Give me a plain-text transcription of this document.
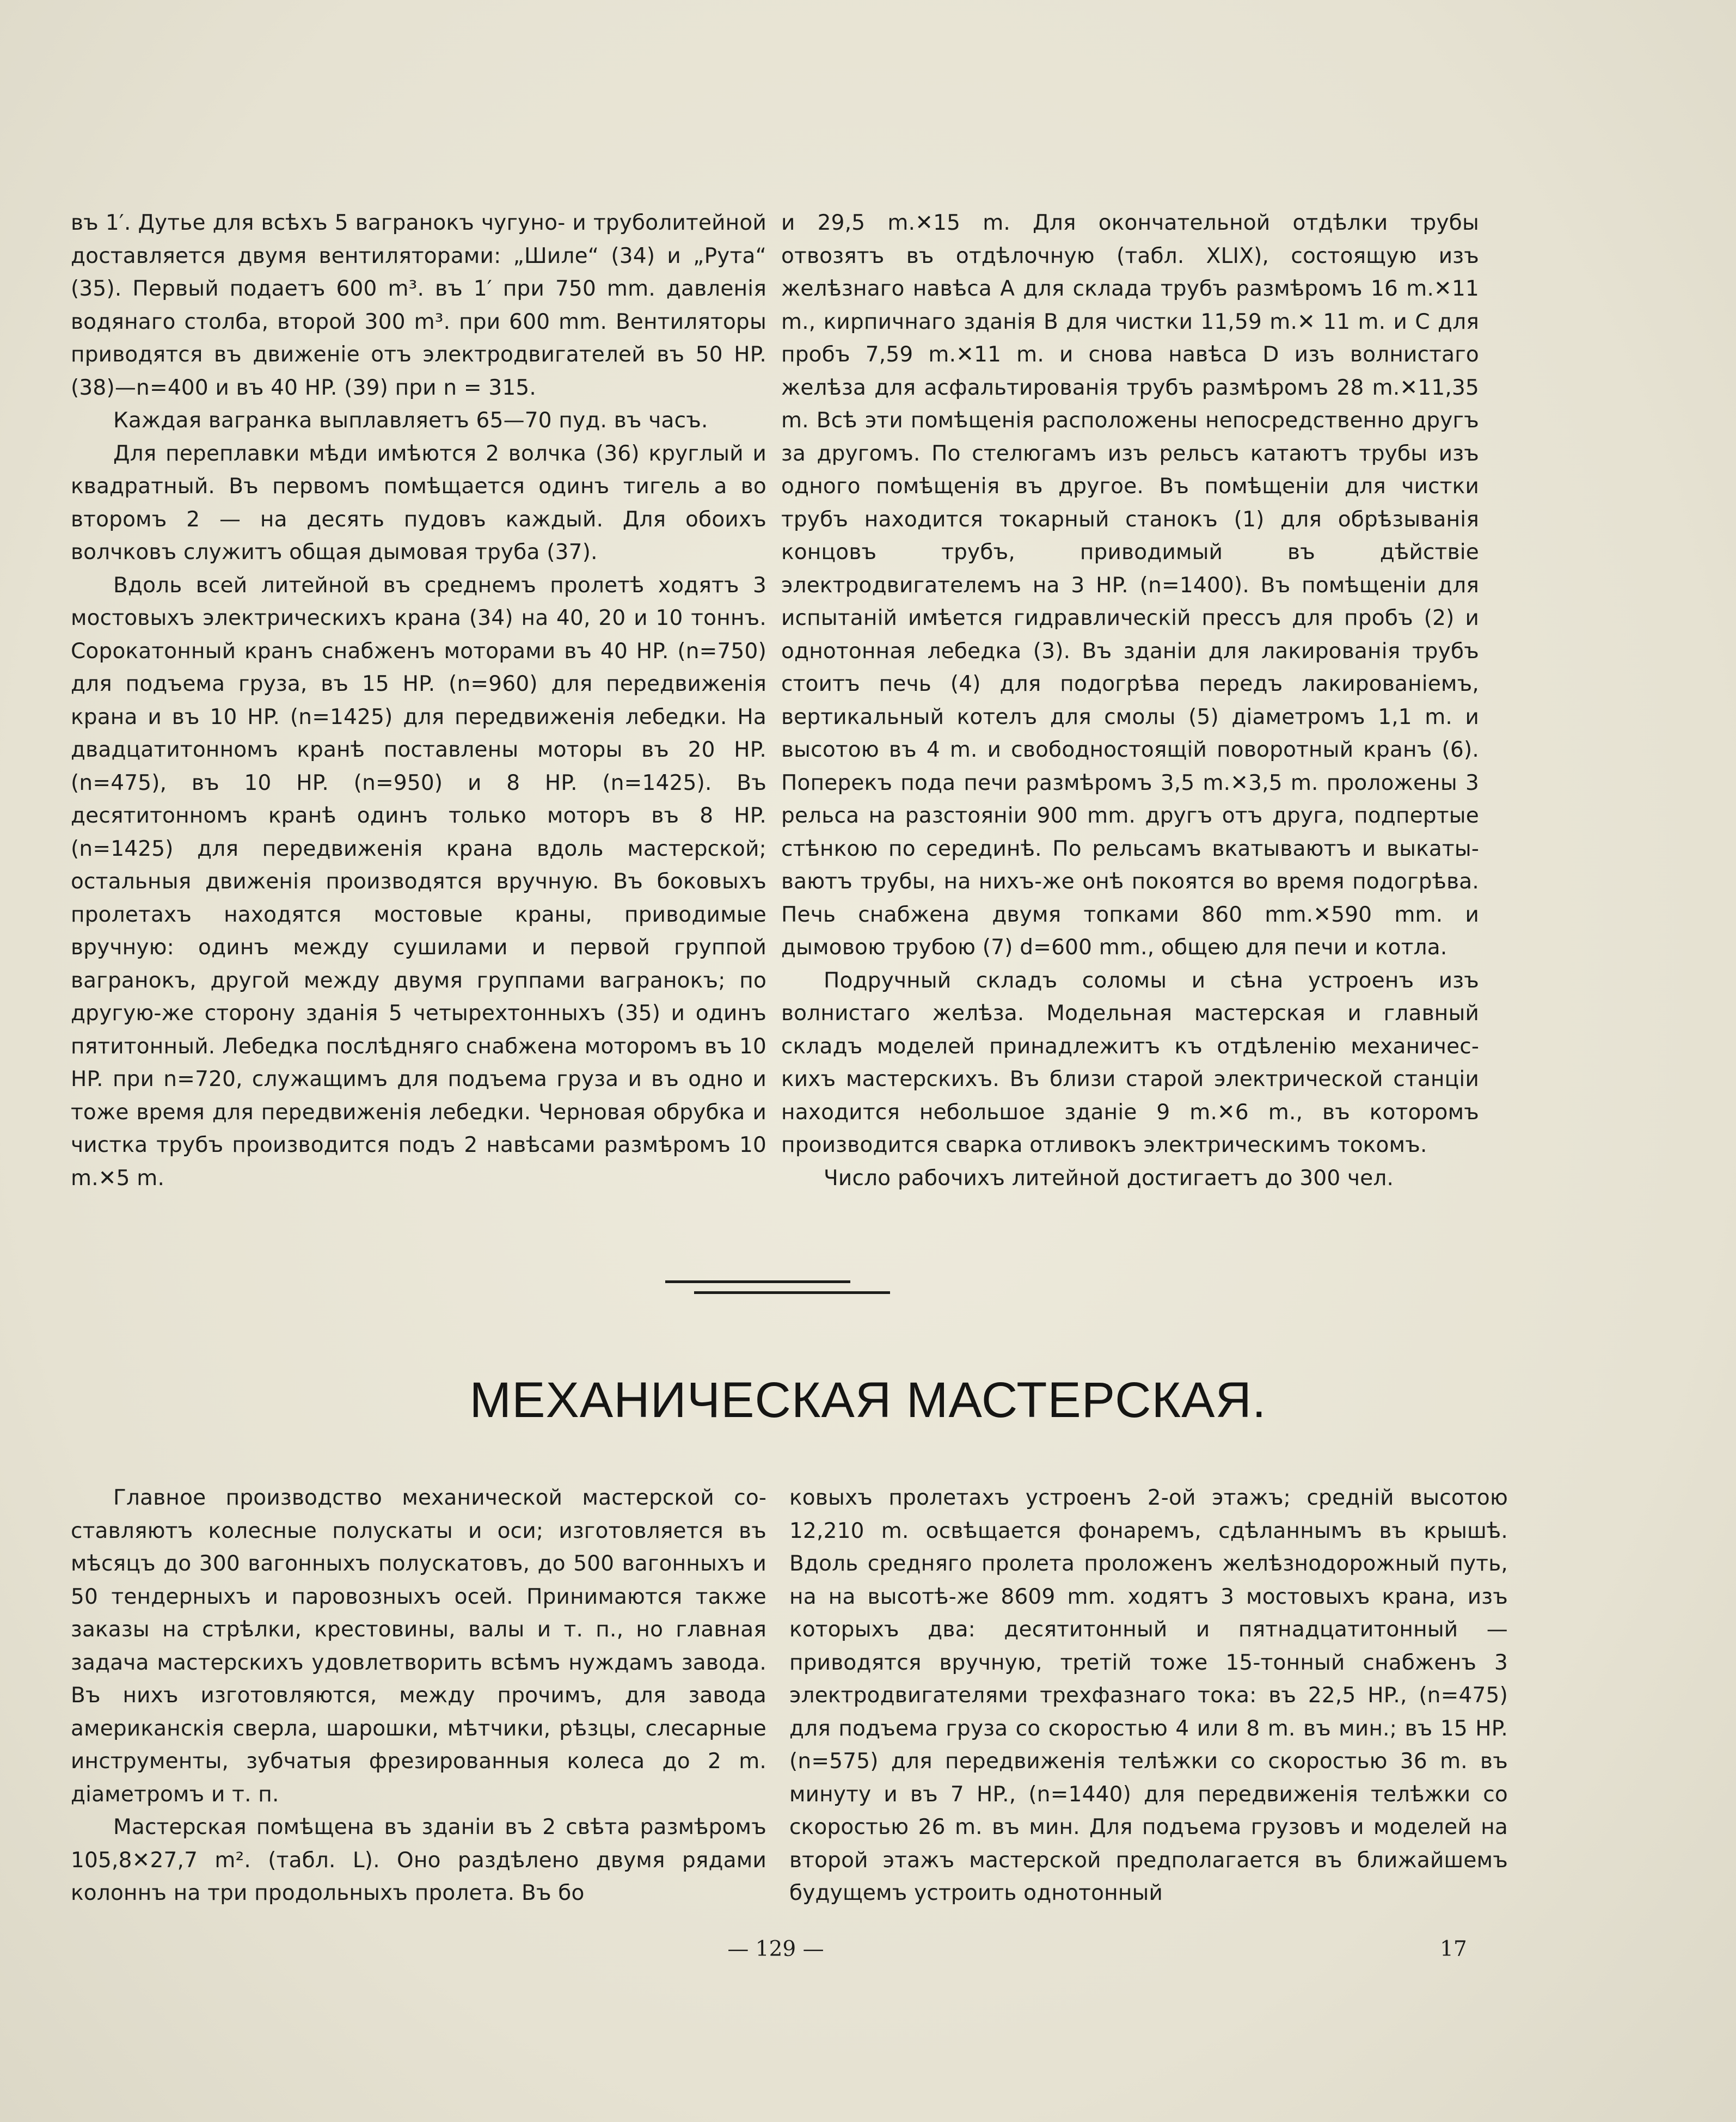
въ 1′. Дутье для всѣхъ 5 вагранокъ чугуно- и труболитейной доставляется двумя вентиляторами: „Шиле“ (34) и „Рута“ (35). Первый подаетъ 600 m³. въ 1′ при 750 mm. давленія водянаго столба, второй 300 m³. при 600 mm. Вентиляторы приводятся въ движеніе отъ электродвигателей въ 50 HP. (38)—n=400 и въ 40 HP. (39) при n = 315.

Каждая вагранка выплавляетъ 65—70 пуд. въ часъ.

Для переплавки мѣди имѣются 2 волчка (36) круглый и квадратный. Въ первомъ помѣщается одинъ тигель а во второмъ 2 — на десять пудовъ каждый. Для обоихъ волчковъ служитъ общая дымовая труба (37).

Вдоль всей литейной въ среднемъ пролетѣ ходятъ 3 мостовыхъ электрическихъ крана (34) на 40, 20 и 10 тоннъ. Сорокатонный кранъ снабженъ моторами въ 40 HP. (n=750) для подъема груза, въ 15 HP. (n=960) для передвиженія крана и въ 10 HP. (n=1425) для передвиженія лебедки. На двадцатитонномъ кранѣ поставлены моторы въ 20 HP. (n=475), въ 10 HP. (n=950) и 8 HP. (n=1425). Въ десятитонномъ кранѣ одинъ только моторъ въ 8 HP. (n=1425) для передвиженія крана вдоль мастерской; остальныя движенія производятся вручную. Въ боковыхъ пролетахъ находятся мостовые краны, приводимые вручную: одинъ между сушилами и первой группой вагранокъ, другой между двумя группами вагранокъ; по другую-же сторону зданія 5 четырехтонныхъ (35) и одинъ пятитонный. Лебедка послѣдняго снабжена моторомъ въ 10 HP. при n=720, служащимъ для подъема груза и въ одно и тоже время для передвиженія лебедки. Черновая обрубка и чистка трубъ производится подъ 2 навѣсами размѣромъ 10 m.✕5 m.

и 29,5 m.✕15 m. Для окончательной отдѣлки трубы отвозятъ въ отдѣлочную (табл. XLIX), состоящую изъ желѣзнаго навѣса А для склада трубъ размѣромъ 16 m.✕11 m., кирпичнаго зданія В для чистки 11,59 m.✕ 11 m. и С для пробъ 7,59 m.✕11 m. и снова навѣса D изъ волнистаго желѣза для асфальтированія трубъ размѣромъ 28 m.✕11,35 m. Всѣ эти помѣщенія расположены непосредственно другъ за другомъ. По стелюгамъ изъ рельсъ катаютъ трубы изъ одного помѣщенія въ другое. Въ помѣщеніи для чистки трубъ находится токарный станокъ (1) для обрѣзыванія концовъ трубъ, приводимый въ дѣйствіе электродвигателемъ на 3 HP. (n=1400). Въ помѣщеніи для испытаній имѣется гидравлическій прессъ для пробъ (2) и однотонная лебедка (3). Въ зданіи для лакированія трубъ стоитъ печь (4) для подогрѣва передъ лакированіемъ, вертикальный котелъ для смолы (5) діаметромъ 1,1 m. и высотою въ 4 m. и свободностоящій поворотный кранъ (6). Поперекъ пода печи размѣромъ 3,5 m.✕3,5 m. проложены 3 рельса на разстояніи 900 mm. другъ отъ друга, подпертые стѣнкою по серединѣ. По рельсамъ вкатываютъ и выкатываютъ трубы, на нихъ-же онѣ покоятся во время подогрѣва. Печь снабжена двумя топками 860 mm.✕590 mm. и дымовою трубою (7) d=600 mm., общею для печи и котла.

Подручный складъ соломы и сѣна устроенъ изъ волнистаго желѣза. Модельная мастерская и главный складъ моделей принадлежитъ къ отдѣленію механическихъ мастерскихъ. Въ близи старой электрической станціи находится небольшое зданіе 9 m.✕6 m., въ которомъ производится сварка отливокъ электрическимъ токомъ.

Число рабочихъ литейной достигаетъ до 300 чел.

МЕХАНИЧЕСКАЯ МАСТЕРСКАЯ.

Главное производство механической мастерской составляютъ колесные полускаты и оси; изготовляется въ мѣсяцъ до 300 вагонныхъ полускатовъ, до 500 вагонныхъ и 50 тендерныхъ и паровозныхъ осей. Принимаются также заказы на стрѣлки, крестовины, валы и т. п., но главная задача мастерскихъ удовлетворить всѣмъ нуждамъ завода. Въ нихъ изготовляются, между прочимъ, для завода американскія сверла, шарошки, мѣтчики, рѣзцы, слесарные инструменты, зубчатыя фрезированныя колеса до 2 m. діаметромъ и т. п.

Мастерская помѣщена въ зданіи въ 2 свѣта размѣромъ 105,8✕27,7 m². (табл. L). Оно раздѣлено двумя рядами колоннъ на три продольныхъ пролета. Въ бо

ковыхъ пролетахъ устроенъ 2-ой этажъ; средній высотою 12,210 m. освѣщается фонаремъ, сдѣланнымъ въ крышѣ. Вдоль средняго пролета проложенъ желѣзнодорожный путь, на на высотѣ-же 8609 mm. ходятъ 3 мостовыхъ крана, изъ которыхъ два: десятитонный и пятнадцатитонный — приводятся вручную, третій тоже 15-тонный снабженъ 3 электродвигателями трехфазнаго тока: въ 22,5 HP., (n=475) для подъема груза со скоростью 4 или 8 m. въ мин.; въ 15 HP. (n=575) для передвиженія телѣжки со скоростью 36 m. въ минуту и въ 7 HP., (n=1440) для передвиженія телѣжки со скоростью 26 m. въ мин. Для подъема грузовъ и моделей на второй этажъ мастерской предполагается въ ближайшемъ будущемъ устроить однотонный

— 129 —	17
